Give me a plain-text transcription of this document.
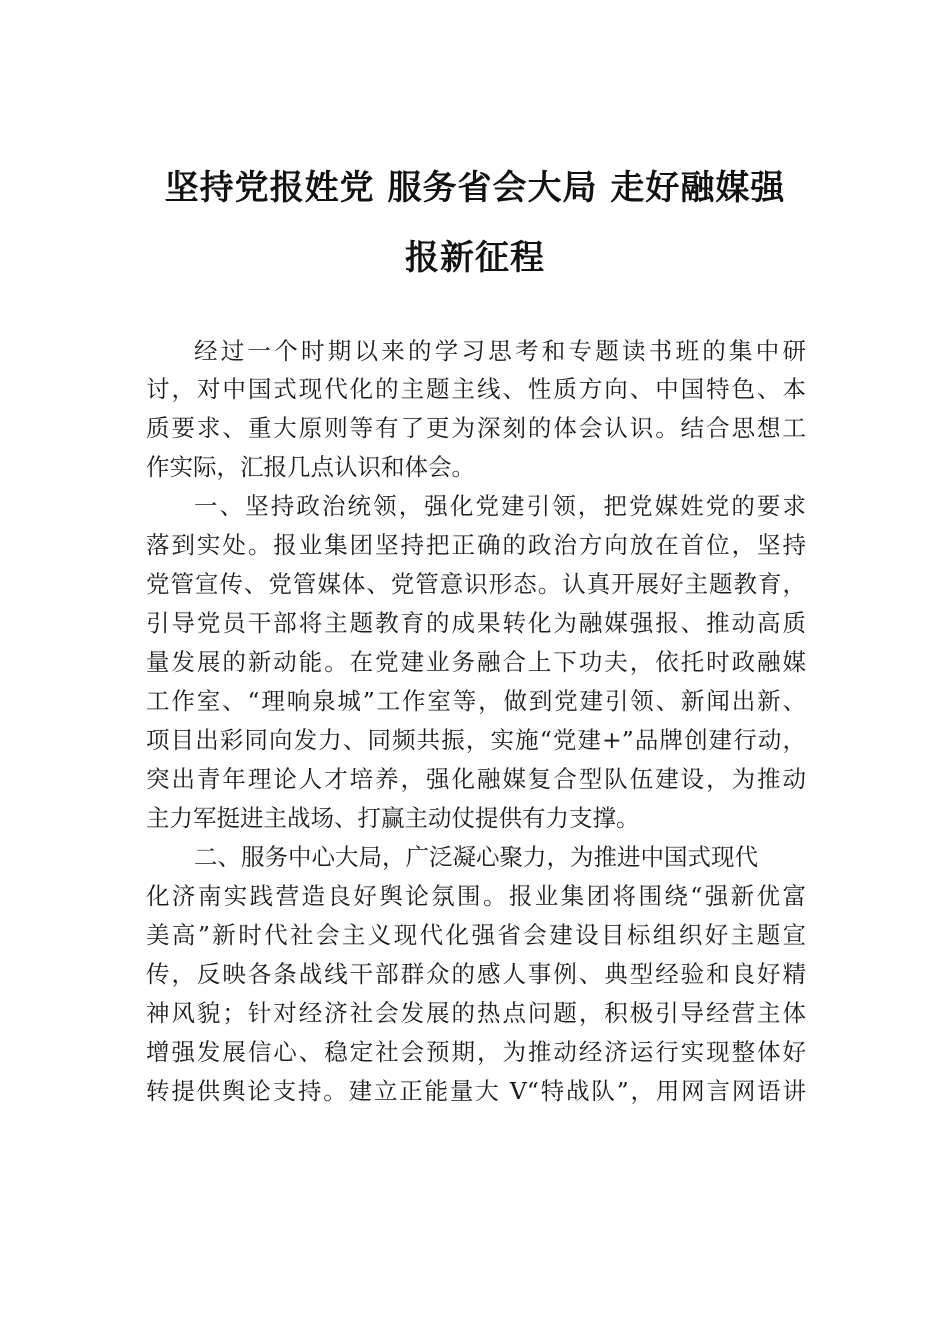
坚持党报姓党 服务省会大局 走好融媒强
报新征程
经过一个时期以来的学习思考和专题读书班的集中研
讨，对中国式现代化的主题主线、性质方向、中国特色、本
质要求、重大原则等有了更为深刻的体会认识。结合思想工
作实际，汇报几点认识和体会。
一、坚持政治统领，强化党建引领，把党媒姓党的要求
落到实处。报业集团坚持把正确的政治方向放在首位，坚持
党管宣传、党管媒体、党管意识形态。认真开展好主题教育，
引导党员干部将主题教育的成果转化为融媒强报、推动高质
量发展的新动能。在党建业务融合上下功夫，依托时政融媒
工作室、“理响泉城”工作室等，做到党建引领、新闻出新、
项目出彩同向发力、同频共振，实施“党建+”品牌创建行动，
突出青年理论人才培养，强化融媒复合型队伍建设，为推动
主力军挺进主战场、打赢主动仗提供有力支撑。
二、服务中心大局，广泛凝心聚力，为推进中国式现代
化济南实践营造良好舆论氛围。报业集团将围绕“强新优富
美高”新时代社会主义现代化强省会建设目标组织好主题宣
传，反映各条战线干部群众的感人事例、典型经验和良好精
神风貌；针对经济社会发展的热点问题，积极引导经营主体
增强发展信心、稳定社会预期，为推动经济运行实现整体好
转提供舆论支持。建立正能量大 V“特战队”，用网言网语讲
